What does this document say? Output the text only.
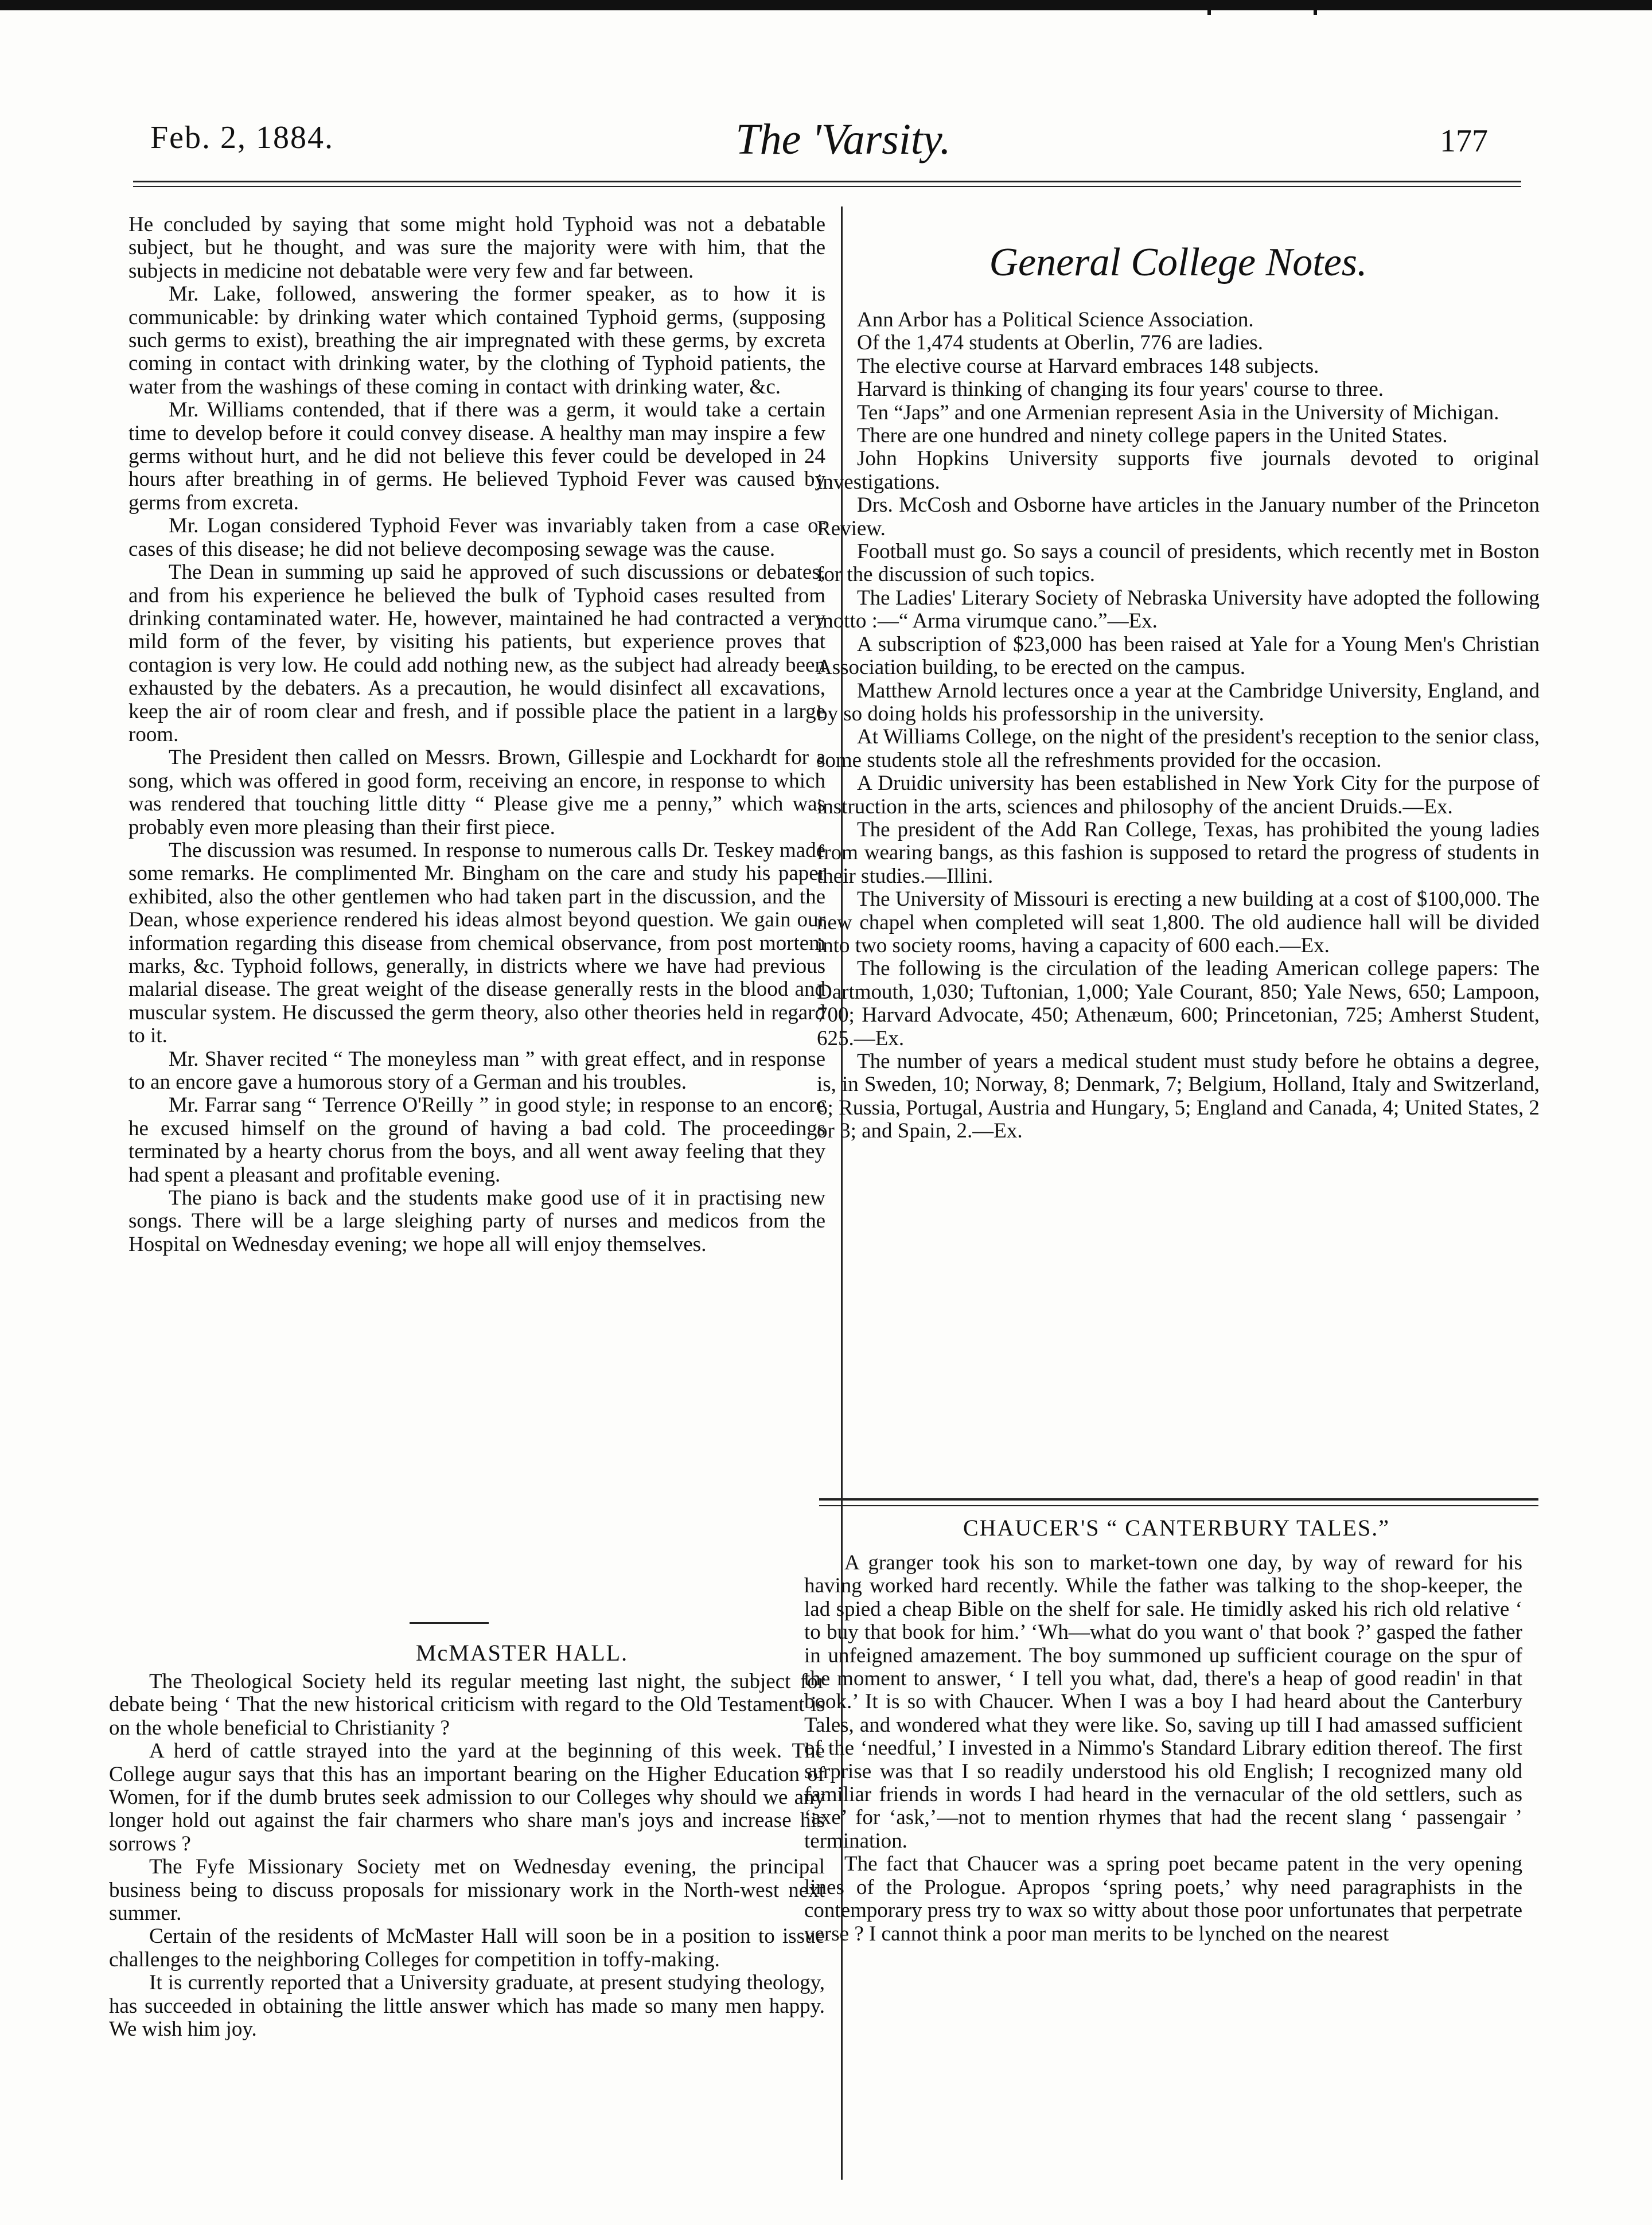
Feb. 2, 1884.	The 'Varsity.	177

He concluded by saying that some might hold Typhoid was not a debatable subject, but he thought, and was sure the majority were with him, that the subjects in medicine not debatable were very few and far between.

Mr. Lake, followed, answering the former speaker, as to how it is communicable: by drinking water which contained Typhoid germs, (supposing such germs to exist), breathing the air impregnated with these germs, by excreta coming in contact with drinking water, by the clothing of Typhoid patients, the water from the washings of these coming in contact with drinking water, &c.

Mr. Williams contended, that if there was a germ, it would take a certain time to develop before it could convey disease. A healthy man may inspire a few germs without hurt, and he did not believe this fever could be developed in 24 hours after breathing in of germs. He believed Typhoid Fever was caused by germs from excreta.

Mr. Logan considered Typhoid Fever was invariably taken from a case or cases of this disease; he did not believe decomposing sewage was the cause.

The Dean in summing up said he approved of such discussions or debates, and from his experience he believed the bulk of Typhoid cases resulted from drinking contaminated water. He, however, maintained he had contracted a very mild form of the fever, by visiting his patients, but experience proves that contagion is very low. He could add nothing new, as the subject had already been exhausted by the debaters. As a precaution, he would disinfect all excavations, keep the air of room clear and fresh, and if possible place the patient in a large room.

The President then called on Messrs. Brown, Gillespie and Lockhardt for a song, which was offered in good form, receiving an encore, in response to which was rendered that touching little ditty “ Please give me a penny,” which was probably even more pleasing than their first piece.

The discussion was resumed. In response to numerous calls Dr. Teskey made some remarks. He complimented Mr. Bingham on the care and study his paper exhibited, also the other gentlemen who had taken part in the discussion, and the Dean, whose experience rendered his ideas almost beyond question. We gain our information regarding this disease from chemical observance, from post mortem marks, &c. Typhoid follows, generally, in districts where we have had previous malarial disease. The great weight of the disease generally rests in the blood and muscular system. He discussed the germ theory, also other theories held in regard to it.

Mr. Shaver recited “ The moneyless man ” with great effect, and in response to an encore gave a humorous story of a German and his troubles.

Mr. Farrar sang “ Terrence O'Reilly ” in good style; in response to an encore he excused himself on the ground of having a bad cold. The proceedings terminated by a hearty chorus from the boys, and all went away feeling that they had spent a pleasant and profitable evening.

The piano is back and the students make good use of it in practising new songs. There will be a large sleighing party of nurses and medicos from the Hospital on Wednesday evening; we hope all will enjoy themselves.

McMASTER HALL.

The Theological Society held its regular meeting last night, the subject for debate being ‘ That the new historical criticism with regard to the Old Testament is on the whole beneficial to Christianity ?

A herd of cattle strayed into the yard at the beginning of this week. The College augur says that this has an important bearing on the Higher Education of Women, for if the dumb brutes seek admission to our Colleges why should we any longer hold out against the fair charmers who share man's joys and increase his sorrows ?

The Fyfe Missionary Society met on Wednesday evening, the principal business being to discuss proposals for missionary work in the North-west next summer.

Certain of the residents of McMaster Hall will soon be in a position to issue challenges to the neighboring Colleges for competition in toffy-making.

It is currently reported that a University graduate, at present studying theology, has succeeded in obtaining the little answer which has made so many men happy. We wish him joy.

General College Notes.

Ann Arbor has a Political Science Association.

Of the 1,474 students at Oberlin, 776 are ladies.

The elective course at Harvard embraces 148 subjects.

Harvard is thinking of changing its four years' course to three.

Ten “Japs” and one Armenian represent Asia in the University of Michigan.

There are one hundred and ninety college papers in the United States.

John Hopkins University supports five journals devoted to original investigations.

Drs. McCosh and Osborne have articles in the January number of the Princeton Review.

Football must go. So says a council of presidents, which recently met in Boston for the discussion of such topics.

The Ladies' Literary Society of Nebraska University have adopted the following motto :—“ Arma virumque cano.”—Ex.

A subscription of $23,000 has been raised at Yale for a Young Men's Christian Association building, to be erected on the campus.

Matthew Arnold lectures once a year at the Cambridge University, England, and by so doing holds his professorship in the university.

At Williams College, on the night of the president's reception to the senior class, some students stole all the refreshments provided for the occasion.

A Druidic university has been established in New York City for the purpose of instruction in the arts, sciences and philosophy of the ancient Druids.—Ex.

The president of the Add Ran College, Texas, has prohibited the young ladies from wearing bangs, as this fashion is supposed to retard the progress of students in their studies.—Illini.

The University of Missouri is erecting a new building at a cost of $100,000. The new chapel when completed will seat 1,800. The old audience hall will be divided into two society rooms, having a capacity of 600 each.—Ex.

The following is the circulation of the leading American college papers: The Dartmouth, 1,030; Tuftonian, 1,000; Yale Courant, 850; Yale News, 650; Lampoon, 700; Harvard Advocate, 450; Athenæum, 600; Princetonian, 725; Amherst Student, 625.—Ex.

The number of years a medical student must study before he obtains a degree, is, in Sweden, 10; Norway, 8; Denmark, 7; Belgium, Holland, Italy and Switzerland, 6; Russia, Portugal, Austria and Hungary, 5; England and Canada, 4; United States, 2 or 3; and Spain, 2.—Ex.

CHAUCER'S “ CANTERBURY TALES.”

A granger took his son to market-town one day, by way of reward for his having worked hard recently. While the father was talking to the shop-keeper, the lad spied a cheap Bible on the shelf for sale. He timidly asked his rich old relative ‘ to buy that book for him.’ ‘Wh—what do you want o' that book ?’ gasped the father in unfeigned amazement. The boy summoned up sufficient courage on the spur of the moment to answer, ‘ I tell you what, dad, there's a heap of good readin' in that book.’ It is so with Chaucer. When I was a boy I had heard about the Canterbury Tales, and wondered what they were like. So, saving up till I had amassed sufficient of the ‘needful,’ I invested in a Nimmo's Standard Library edition thereof. The first surprise was that I so readily understood his old English; I recognized many old familiar friends in words I had heard in the vernacular of the old settlers, such as ‘axe’ for ‘ask,’—not to mention rhymes that had the recent slang ‘ passengair ’ termination.

The fact that Chaucer was a spring poet became patent in the very opening lines of the Prologue. Apropos ‘spring poets,’ why need paragraphists in the contemporary press try to wax so witty about those poor unfortunates that perpetrate verse ? I cannot think a poor man merits to be lynched on the nearest
